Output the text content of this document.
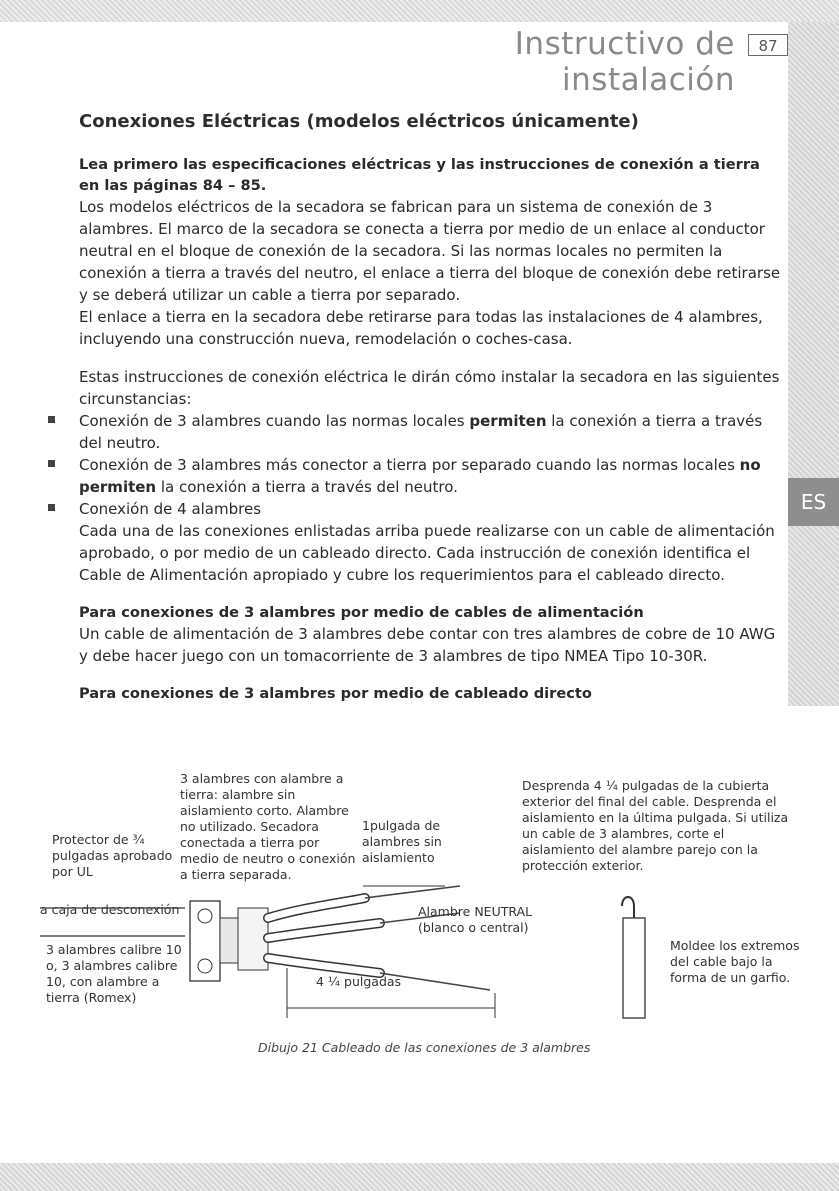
ES
Instructivo de instalación
87
Conexiones Eléctricas (modelos eléctricos únicamente)

Lea primero las especificaciones eléctricas y las instrucciones de conexión a tierra en las páginas 84 – 85.

Los modelos eléctricos de la secadora se fabrican para un sistema de conexión de 3 alambres. El marco de la secadora se conecta a tierra por medio de un enlace al conductor neutral en el bloque de conexión de la secadora. Si las normas locales no permiten la conexión a tierra a través del neutro, el enlace a tierra del bloque de conexión debe retirarse y se deberá utilizar un cable a tierra por separado.

El enlace a tierra en la secadora debe retirarse para todas las instalaciones de 4 alambres, incluyendo una construcción nueva, remodelación o coches-casa.

Estas instrucciones de conexión eléctrica le dirán cómo instalar la secadora en las siguientes circunstancias:

Conexión de 3 alambres cuando las normas locales permiten la conexión a tierra a través del neutro.
Conexión de 3 alambres más conector a tierra por separado cuando las normas locales no permiten la conexión a tierra a través del neutro.
Conexión de 4 alambres

Cada una de las conexiones enlistadas arriba puede realizarse con un cable de alimentación aprobado, o por medio de un cableado directo. Cada instrucción de conexión identifica el Cable de Alimentación apropiado y cubre los requerimientos para el cableado directo.

Para conexiones de 3 alambres por medio de cables de alimentación

Un cable de alimentación de 3 alambres debe contar con tres alambres de cobre de 10 AWG y debe hacer juego con un tomacorriente de 3 alambres de tipo NMEA Tipo 10-30R.

Para conexiones de 3 alambres por medio de cableado directo

3 alambres con alambre a tierra: alambre sin aislamiento corto. Alambre no utilizado. Secadora conectada a tierra por medio de neutro o conexión a tierra separada.
Protector de ¾ pulgadas aprobado por UL
a caja de desconexión
3 alambres calibre 10 o, 3 alambres calibre 10, con alambre a tierra (Romex)
1pulgada de alambres sin aislamiento
Alambre NEUTRAL (blanco o central)
4 ¼ pulgadas
Desprenda 4 ¼ pulgadas de la cubierta exterior del final del cable. Desprenda el aislamiento en la última pulgada. Si utiliza un cable de 3 alambres, corte el aislamiento del alambre parejo con la protección exterior.
Moldee los extremos del cable bajo la forma de un garfio.
Dibujo 21 Cableado de las conexiones de 3 alambres
